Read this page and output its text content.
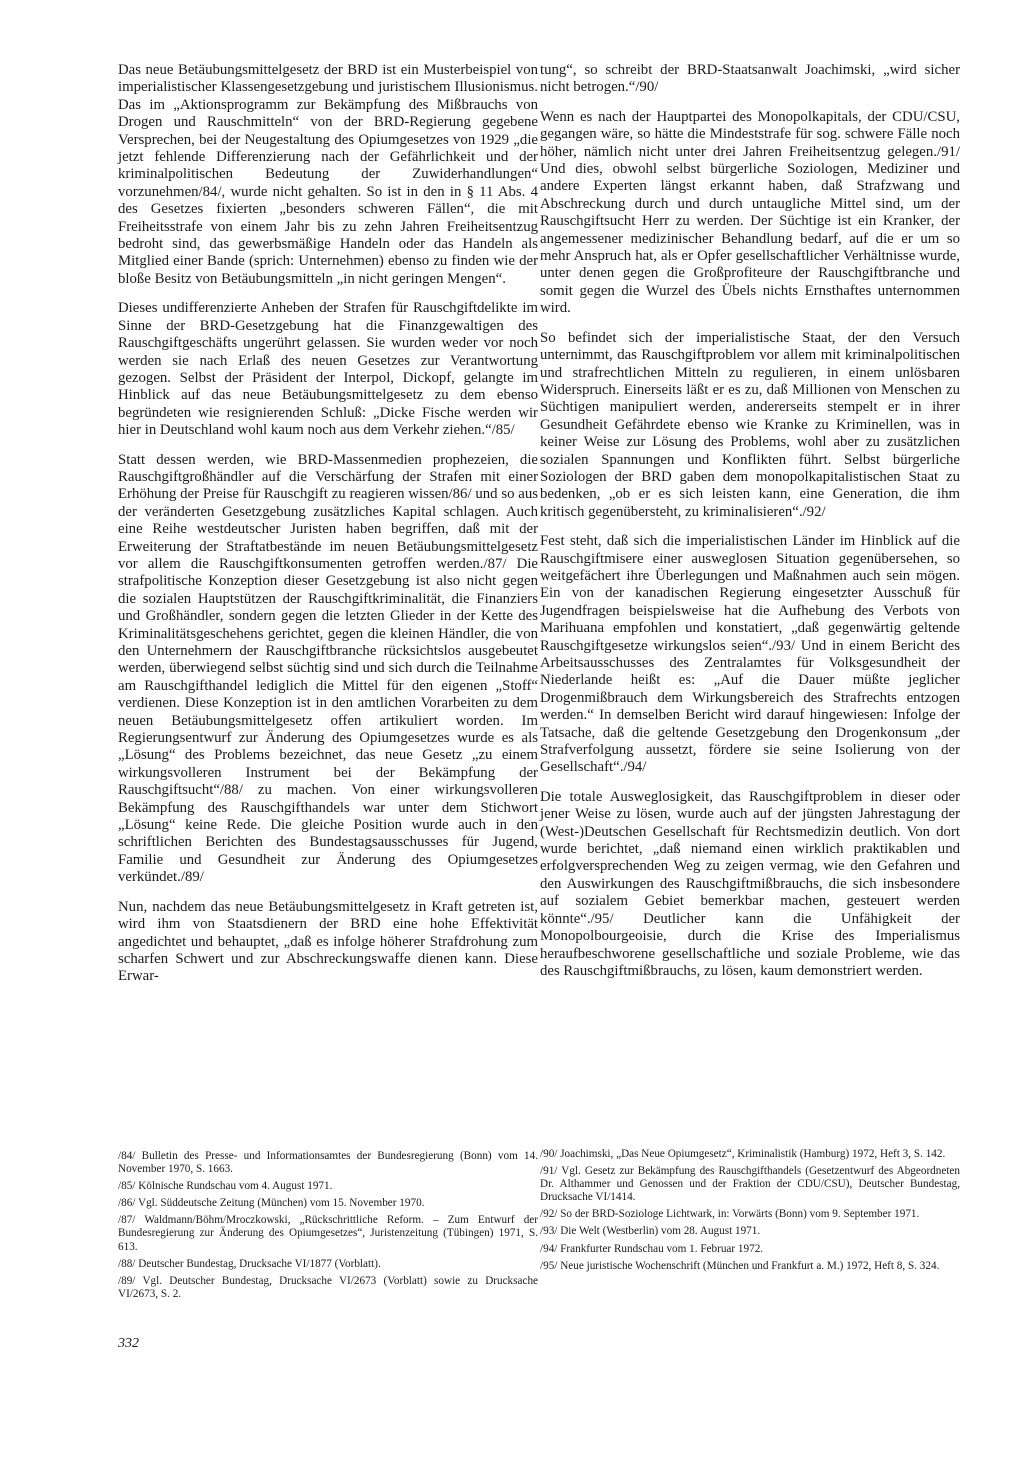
Das neue Betäubungsmittelgesetz der BRD ist ein Musterbeispiel von imperialistischer Klassengesetzgebung und juristischem Illusionismus. Das im „Aktionsprogramm zur Bekämpfung des Mißbrauchs von Drogen und Rauschmitteln“ von der BRD-Regierung gegebene Versprechen, bei der Neugestaltung des Opiumgesetzes von 1929 „die jetzt fehlende Differenzierung nach der Gefährlichkeit und der kriminalpolitischen Bedeutung der Zuwiderhandlungen“ vorzunehmen/84/, wurde nicht gehalten. So ist in den in § 11 Abs. 4 des Gesetzes fixierten „besonders schweren Fällen“, die mit Freiheitsstrafe von einem Jahr bis zu zehn Jahren Freiheitsentzug bedroht sind, das gewerbsmäßige Handeln oder das Handeln als Mitglied einer Bande (sprich: Unternehmen) ebenso zu finden wie der bloße Besitz von Betäubungsmitteln „in nicht geringen Mengen“.

Dieses undifferenzierte Anheben der Strafen für Rauschgiftdelikte im Sinne der BRD-Gesetzgebung hat die Finanzgewaltigen des Rauschgiftgeschäfts ungerührt gelassen. Sie wurden weder vor noch werden sie nach Erlaß des neuen Gesetzes zur Verantwortung gezogen. Selbst der Präsident der Interpol, Dickopf, gelangte im Hinblick auf das neue Betäubungsmittelgesetz zu dem ebenso begründeten wie resignierenden Schluß: „Dicke Fische werden wir hier in Deutschland wohl kaum noch aus dem Verkehr ziehen.“/85/

Statt dessen werden, wie BRD-Massenmedien prophezeien, die Rauschgiftgroßhändler auf die Verschärfung der Strafen mit einer Erhöhung der Preise für Rauschgift zu reagieren wissen/86/ und so aus der veränderten Gesetzgebung zusätzliches Kapital schlagen. Auch eine Reihe westdeutscher Juristen haben begriffen, daß mit der Erweiterung der Straftatbestände im neuen Betäubungsmittelgesetz vor allem die Rauschgiftkonsumenten getroffen werden./87/ Die strafpolitische Konzeption dieser Gesetzgebung ist also nicht gegen die sozialen Hauptstützen der Rauschgiftkriminalität, die Finanziers und Großhändler, sondern gegen die letzten Glieder in der Kette des Kriminalitätsgeschehens gerichtet, gegen die kleinen Händler, die von den Unternehmern der Rauschgiftbranche rücksichtslos ausgebeutet werden, überwiegend selbst süchtig sind und sich durch die Teilnahme am Rauschgifthandel lediglich die Mittel für den eigenen „Stoff“ verdienen. Diese Konzeption ist in den amtlichen Vorarbeiten zu dem neuen Betäubungsmittelgesetz offen artikuliert worden. Im Regierungsentwurf zur Änderung des Opiumgesetzes wurde es als „Lösung“ des Problems bezeichnet, das neue Gesetz „zu einem wirkungsvolleren Instrument bei der Bekämpfung der Rauschgiftsucht“/88/ zu machen. Von einer wirkungsvolleren Bekämpfung des Rauschgifthandels war unter dem Stichwort „Lösung“ keine Rede. Die gleiche Position wurde auch in den schriftlichen Berichten des Bundestagsausschusses für Jugend, Familie und Gesundheit zur Änderung des Opiumgesetzes verkündet./89/

Nun, nachdem das neue Betäubungsmittelgesetz in Kraft getreten ist, wird ihm von Staatsdienern der BRD eine hohe Effektivität angedichtet und behauptet, „daß es infolge höherer Strafdrohung zum scharfen Schwert und zur Abschreckungswaffe dienen kann. Diese Erwar-

tung“, so schreibt der BRD-Staatsanwalt Joachimski, „wird sicher nicht betrogen.“/90/

Wenn es nach der Hauptpartei des Monopolkapitals, der CDU/CSU, gegangen wäre, so hätte die Mindeststrafe für sog. schwere Fälle noch höher, nämlich nicht unter drei Jahren Freiheitsentzug gelegen./91/ Und dies, obwohl selbst bürgerliche Soziologen, Mediziner und andere Experten längst erkannt haben, daß Strafzwang und Abschreckung durch und durch untaugliche Mittel sind, um der Rauschgiftsucht Herr zu werden. Der Süchtige ist ein Kranker, der angemessener medizinischer Behandlung bedarf, auf die er um so mehr Anspruch hat, als er Opfer gesellschaftlicher Verhältnisse wurde, unter denen gegen die Großprofiteure der Rauschgiftbranche und somit gegen die Wurzel des Übels nichts Ernsthaftes unternommen wird.

So befindet sich der imperialistische Staat, der den Versuch unternimmt, das Rauschgiftproblem vor allem mit kriminalpolitischen und strafrechtlichen Mitteln zu regulieren, in einem unlösbaren Widerspruch. Einerseits läßt er es zu, daß Millionen von Menschen zu Süchtigen manipuliert werden, andererseits stempelt er in ihrer Gesundheit Gefährdete ebenso wie Kranke zu Kriminellen, was in keiner Weise zur Lösung des Problems, wohl aber zu zusätzlichen sozialen Spannungen und Konflikten führt. Selbst bürgerliche Soziologen der BRD gaben dem monopolkapitalistischen Staat zu bedenken, „ob er es sich leisten kann, eine Generation, die ihm kritisch gegenübersteht, zu kriminalisieren“./92/

Fest steht, daß sich die imperialistischen Länder im Hinblick auf die Rauschgiftmisere einer ausweglosen Situation gegenübersehen, so weitgefächert ihre Überlegungen und Maßnahmen auch sein mögen. Ein von der kanadischen Regierung eingesetzter Ausschuß für Jugendfragen beispielsweise hat die Aufhebung des Verbots von Marihuana empfohlen und konstatiert, „daß gegenwärtig geltende Rauschgiftgesetze wirkungslos seien“./93/ Und in einem Bericht des Arbeitsausschusses des Zentralamtes für Volksgesundheit der Niederlande heißt es: „Auf die Dauer müßte jeglicher Drogenmißbrauch dem Wirkungsbereich des Strafrechts entzogen werden.“ In demselben Bericht wird darauf hingewiesen: Infolge der Tatsache, daß die geltende Gesetzgebung den Drogenkonsum „der Strafverfolgung aussetzt, fördere sie seine Isolierung von der Gesellschaft“./94/

Die totale Ausweglosigkeit, das Rauschgiftproblem in dieser oder jener Weise zu lösen, wurde auch auf der jüngsten Jahrestagung der (West-)Deutschen Gesellschaft für Rechtsmedizin deutlich. Von dort wurde berichtet, „daß niemand einen wirklich praktikablen und erfolgversprechenden Weg zu zeigen vermag, wie den Gefahren und den Auswirkungen des Rauschgiftmißbrauchs, die sich insbesondere auf sozialem Gebiet bemerkbar machen, gesteuert werden könnte“./95/ Deutlicher kann die Unfähigkeit der Monopolbourgeoisie, durch die Krise des Imperialismus heraufbeschworene gesellschaftliche und soziale Probleme, wie das des Rauschgiftmißbrauchs, zu lösen, kaum demonstriert werden.

/84/ Bulletin des Presse- und Informationsamtes der Bundesregierung (Bonn) vom 14. November 1970, S. 1663.

/85/ Kölnische Rundschau vom 4. August 1971.

/86/ Vgl. Süddeutsche Zeitung (München) vom 15. November 1970.

/87/ Waldmann/Böhm/Mroczkowski, „Rückschrittliche Reform. – Zum Entwurf der Bundesregierung zur Änderung des Opiumgesetzes“, Juristenzeitung (Tübingen) 1971, S. 613.

/88/ Deutscher Bundestag, Drucksache VI/1877 (Vorblatt).

/89/ Vgl. Deutscher Bundestag, Drucksache VI/2673 (Vorblatt) sowie zu Drucksache VI/2673, S. 2.

/90/ Joachimski, „Das Neue Opiumgesetz“, Kriminalistik (Hamburg) 1972, Heft 3, S. 142.

/91/ Vgl. Gesetz zur Bekämpfung des Rauschgifthandels (Gesetzentwurf des Abgeordneten Dr. Althammer und Genossen und der Fraktion der CDU/CSU), Deutscher Bundestag, Drucksache VI/1414.

/92/ So der BRD-Soziologe Lichtwark, in: Vorwärts (Bonn) vom 9. September 1971.

/93/ Die Welt (Westberlin) vom 28. August 1971.

/94/ Frankfurter Rundschau vom 1. Februar 1972.

/95/ Neue juristische Wochenschrift (München und Frankfurt a. M.) 1972, Heft 8, S. 324.

332
